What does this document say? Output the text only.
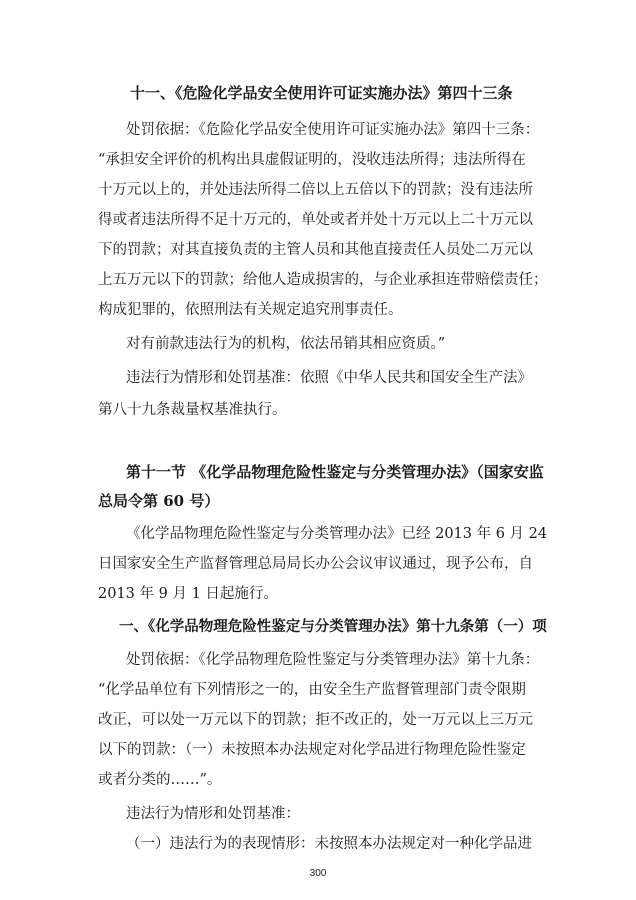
十一、《危险化学品安全使用许可证实施办法》第四十三条
处罚依据：《危险化学品安全使用许可证实施办法》第四十三条：
“承担安全评价的机构出具虚假证明的，没收违法所得；违法所得在
十万元以上的，并处违法所得二倍以上五倍以下的罚款；没有违法所
得或者违法所得不足十万元的，单处或者并处十万元以上二十万元以
下的罚款；对其直接负责的主管人员和其他直接责任人员处二万元以
上五万元以下的罚款；给他人造成损害的，与企业承担连带赔偿责任；
构成犯罪的，依照刑法有关规定追究刑事责任。
对有前款违法行为的机构，依法吊销其相应资质。”
违法行为情形和处罚基准：依照《中华人民共和国安全生产法》
第八十九条裁量权基准执行。
第十一节 《化学品物理危险性鉴定与分类管理办法》（国家安监
总局令第 60 号）
《化学品物理危险性鉴定与分类管理办法》已经 2013 年 6 月 24
日国家安全生产监督管理总局局长办公会议审议通过，现予公布，自
2013 年 9 月 1 日起施行。
一、《化学品物理危险性鉴定与分类管理办法》第十九条第（一）项
处罚依据：《化学品物理危险性鉴定与分类管理办法》第十九条：
“化学品单位有下列情形之一的，由安全生产监督管理部门责令限期
改正，可以处一万元以下的罚款；拒不改正的，处一万元以上三万元
以下的罚款：（一）未按照本办法规定对化学品进行物理危险性鉴定
或者分类的……”。
违法行为情形和处罚基准：
（一）违法行为的表现情形：未按照本办法规定对一种化学品进
300
